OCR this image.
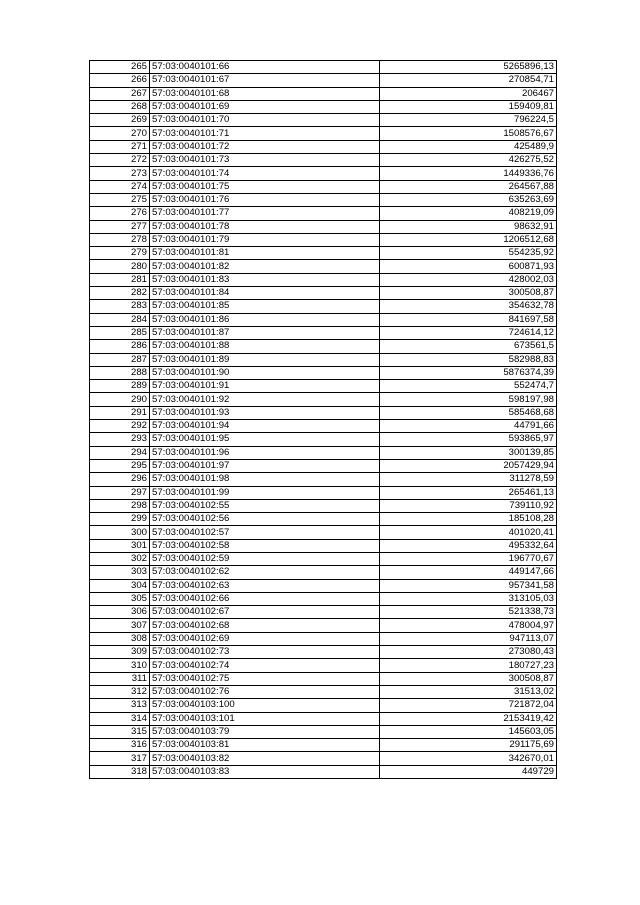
265	57:03:0040101:66	5265896,13
266	57:03:0040101:67	270854,71
267	57:03:0040101:68	206467
268	57:03:0040101:69	159409,81
269	57:03:0040101:70	796224,5
270	57:03:0040101:71	1508576,67
271	57:03:0040101:72	425489,9
272	57:03:0040101:73	426275,52
273	57:03:0040101:74	1449336,76
274	57:03:0040101:75	264567,88
275	57:03:0040101:76	635263,69
276	57:03:0040101:77	408219,09
277	57:03:0040101:78	98632,91
278	57:03:0040101:79	1206512,68
279	57:03:0040101:81	554235,92
280	57:03:0040101:82	600871,93
281	57:03:0040101:83	428002,03
282	57:03:0040101:84	300508,87
283	57:03:0040101:85	354632,78
284	57:03:0040101:86	841697,58
285	57:03:0040101:87	724614,12
286	57:03:0040101:88	673561,5
287	57:03:0040101:89	582988,83
288	57:03:0040101:90	5876374,39
289	57:03:0040101:91	552474,7
290	57:03:0040101:92	598197,98
291	57:03:0040101:93	585468,68
292	57:03:0040101:94	44791,66
293	57:03:0040101:95	593865,97
294	57:03:0040101:96	300139,85
295	57:03:0040101:97	2057429,94
296	57:03:0040101:98	311278,59
297	57:03:0040101:99	265461,13
298	57:03:0040102:55	739110,92
299	57:03:0040102:56	185108,28
300	57:03:0040102:57	401020,41
301	57:03:0040102:58	495332,64
302	57:03:0040102:59	196770,67
303	57:03:0040102:62	449147,66
304	57:03:0040102:63	957341,58
305	57:03:0040102:66	313105,03
306	57:03:0040102:67	521338,73
307	57:03:0040102:68	478004,97
308	57:03:0040102:69	947113,07
309	57:03:0040102:73	273080,43
310	57:03:0040102:74	180727,23
311	57:03:0040102:75	300508,87
312	57:03:0040102:76	31513,02
313	57:03:0040103:100	721872,04
314	57:03:0040103:101	2153419,42
315	57:03:0040103:79	145603,05
316	57:03:0040103:81	291175,69
317	57:03:0040103:82	342670,01
318	57:03:0040103:83	449729
